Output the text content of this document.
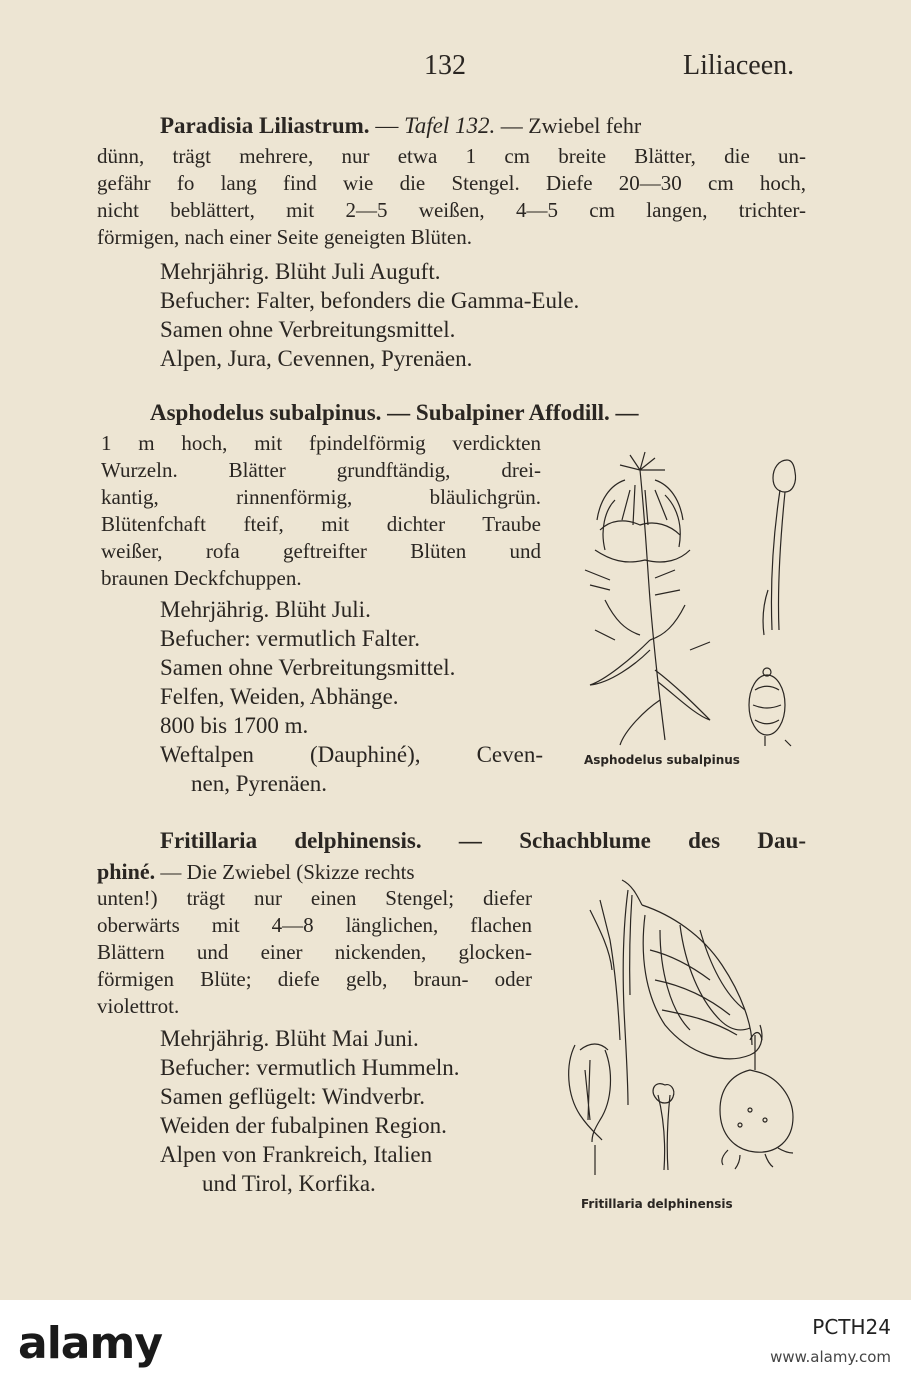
132	Liliaceen.
Paradisia Liliastrum. — Tafel 132. — Zwiebel fehr
dünn, trägt mehrere, nur etwa 1 cm breite Blätter, die un-
gefähr fo lang find wie die Stengel. Diefe 20—30 cm hoch,
nicht beblättert, mit 2—5 weißen, 4—5 cm langen, trichter-
förmigen, nach einer Seite geneigten Blüten.
Mehrjährig. Blüht Juli Auguft.
Befucher: Falter, befonders die Gamma-Eule.
Samen ohne Verbreitungsmittel.
Alpen, Jura, Cevennen, Pyrenäen.
Asphodelus subalpinus. — Subalpiner Affodill. —
1 m hoch, mit fpindelförmig verdickten
Wurzeln. Blätter grundftändig, drei-
kantig, rinnenförmig, bläulichgrün.
Blütenfchaft fteif, mit dichter Traube
weißer, rofa geftreifter Blüten und
braunen Deckfchuppen.
Mehrjährig. Blüht Juli.
Befucher: vermutlich Falter.
Samen ohne Verbreitungsmittel.
Felfen, Weiden, Abhänge.
800 bis 1700 m.
Weftalpen (Dauphiné), Ceven-
nen, Pyrenäen.
Asphodelus subalpinus
Fritillaria delphinensis. — Schachblume des Dau-
phiné. — Die Zwiebel (Skizze rechts
unten!) trägt nur einen Stengel; diefer
oberwärts mit 4—8 länglichen, flachen
Blättern und einer nickenden, glocken-
förmigen Blüte; diefe gelb, braun- oder
violettrot.
Mehrjährig. Blüht Mai Juni.
Befucher: vermutlich Hummeln.
Samen geflügelt: Windverbr.
Weiden der fubalpinen Region.
Alpen von Frankreich, Italien
und Tirol, Korfika.
Fritillaria delphinensis
alamy	PCTH24
www.alamy.com
